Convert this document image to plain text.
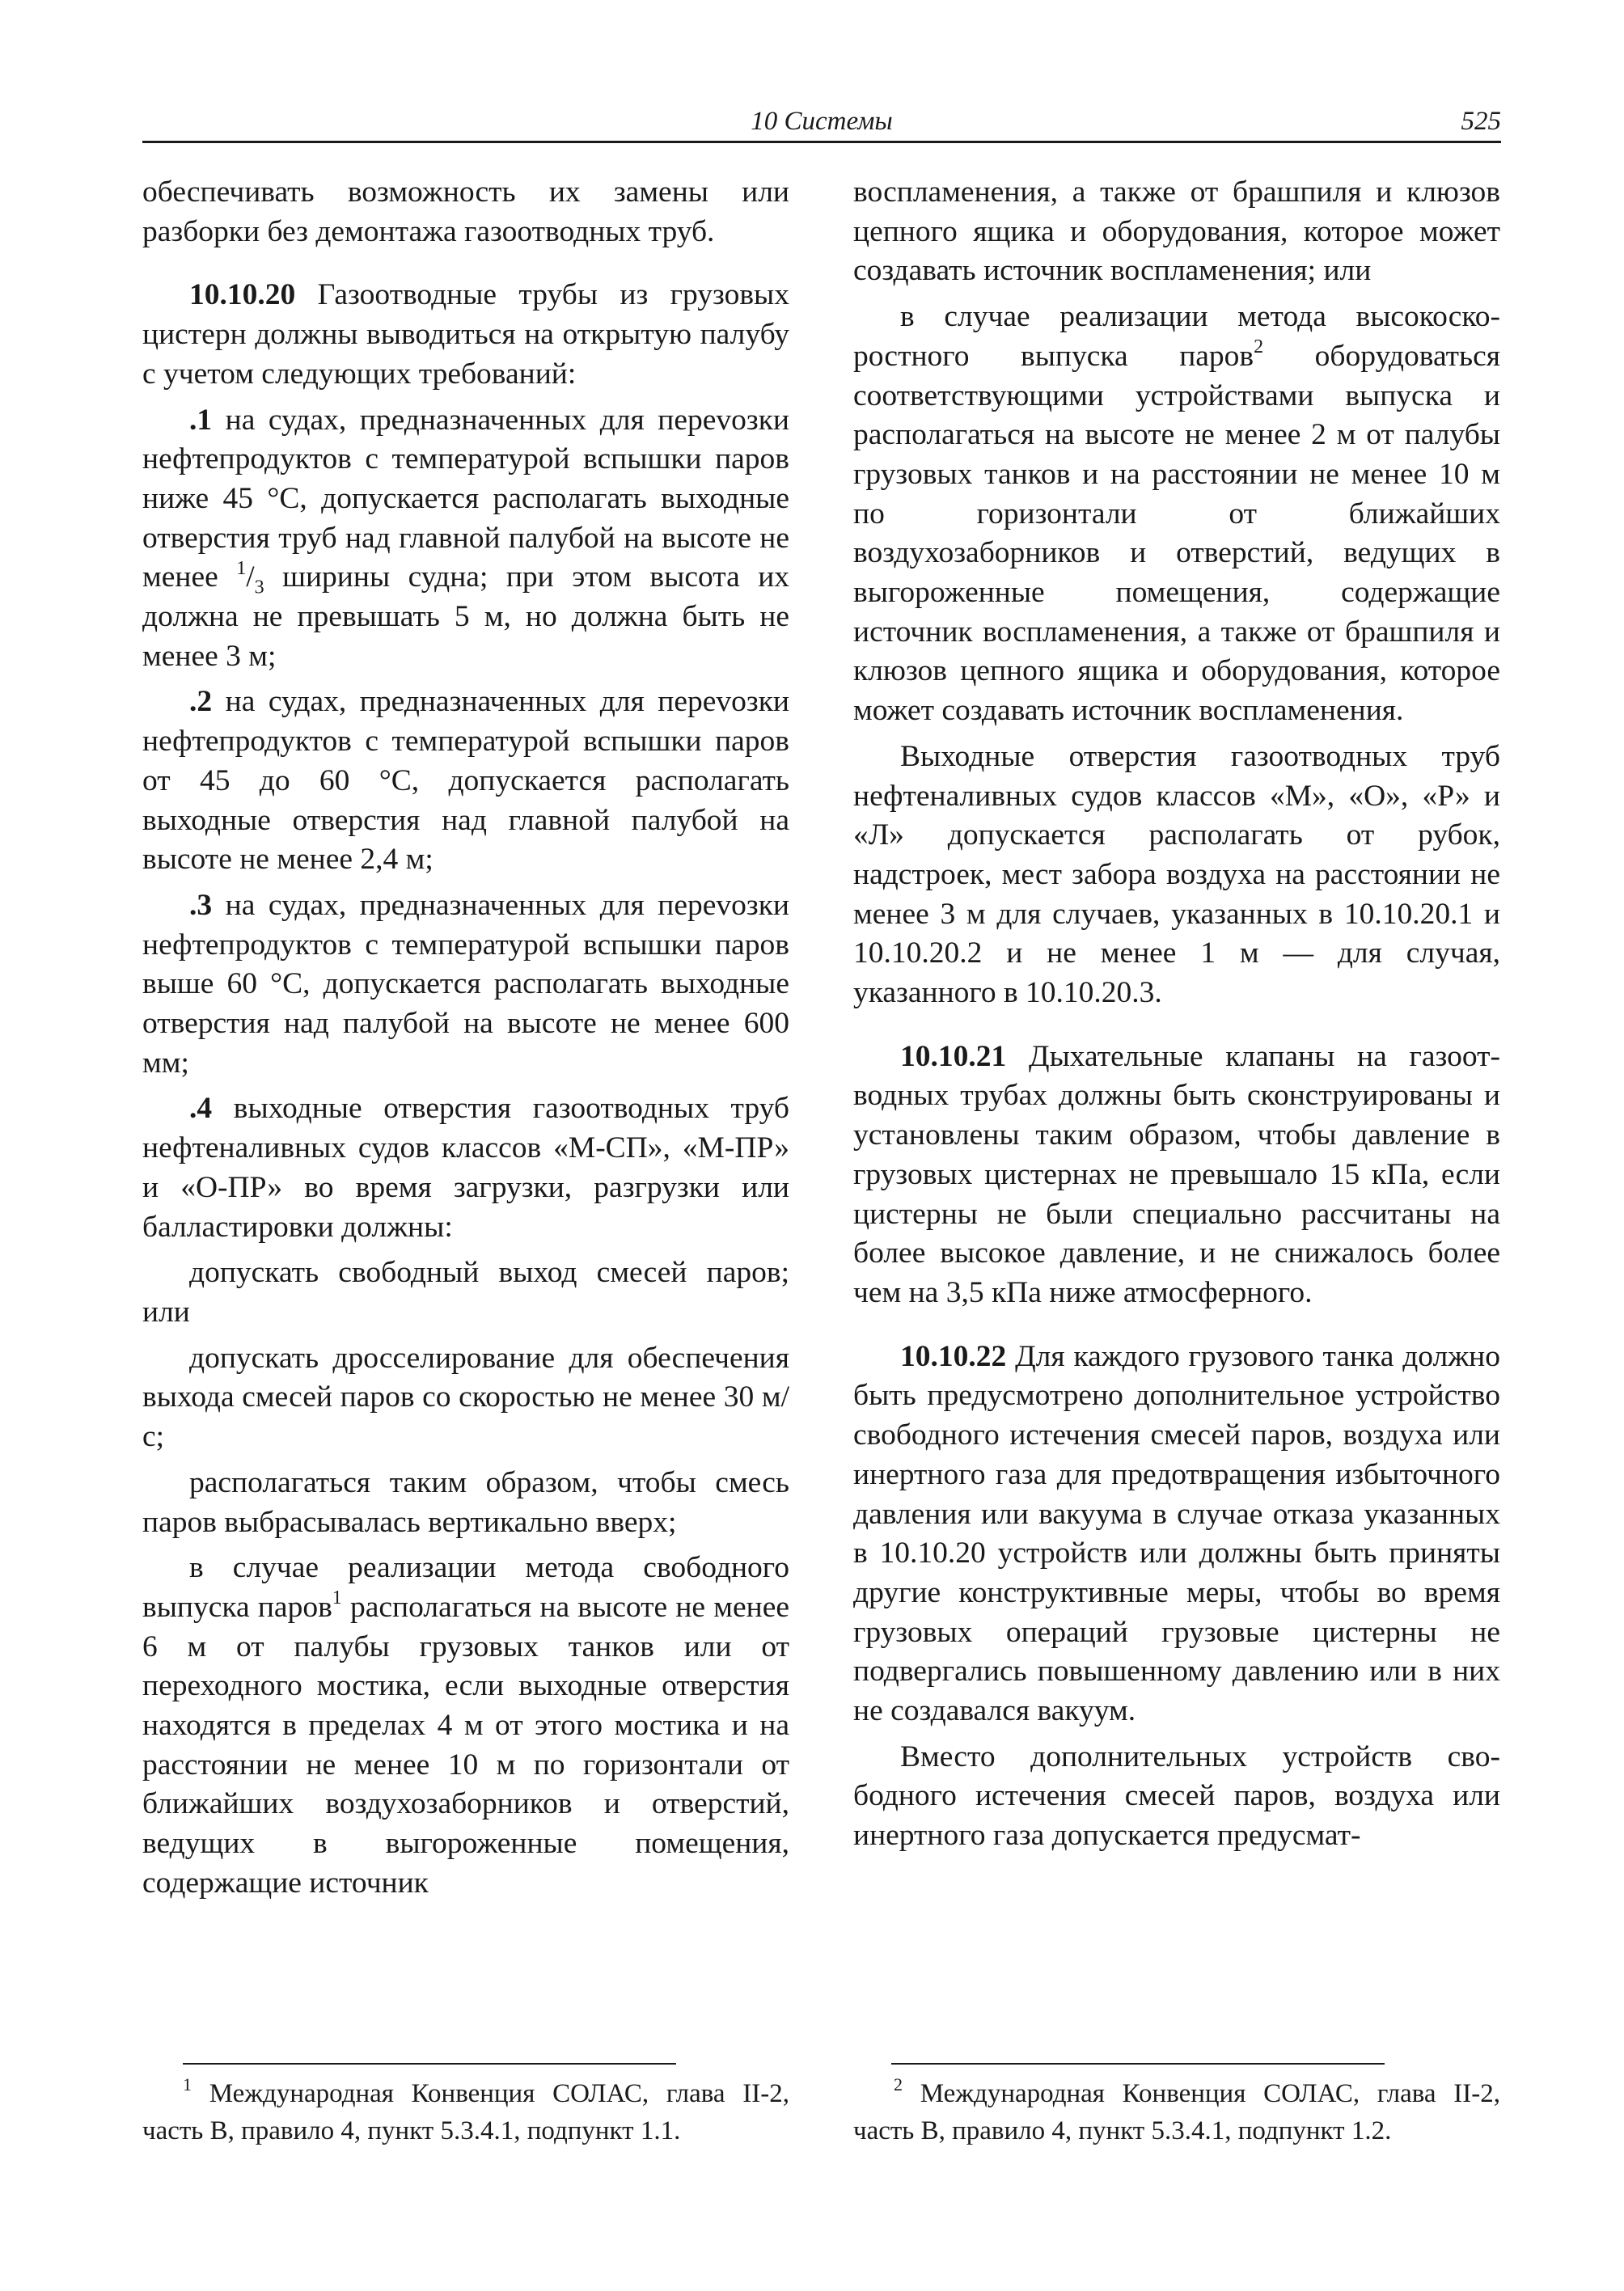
10 Системы	525

обеспечивать возможность их замены или разборки без демонтажа газоотводных труб.

10.10.20 Газоотводные трубы из грузовых цистерн должны выводиться на открытую палубу с учетом следующих требований:

.1 на судах, предназначенных для переvозки нефтепродуктов с температурой вспышки паров ниже 45 °С, допускается располагать выходные отверстия труб над главной палубой на высоте не менее $^1/_3$ ширины судна; при этом высота их должна не превышать 5 м, но должна быть не менее 3 м;

.2 на судах, предназначенных для переvозки нефтепродуктов с температурой вспышки паров от 45 до 60 °С, допускается располагать выходные отверстия над главной палубой на высоте не менее 2,4 м;

.3 на судах, предназначенных для переvозки нефтепродуктов с температурой вспышки паров выше 60 °С, допускается располагать выходные отверстия над палубой на высоте не менее 600 мм;

.4 выходные отверстия газоотводных труб нефтеналивных судов классов «М-СП», «М-ПР» и «О-ПР» во время загрузки, разгрузки или балластировки должны:

допускать свободный выход смесей паров; или

допускать дросселирование для обеспечения выхода смесей паров со скоростью не менее 30 м/с;

располагаться таким образом, чтобы смесь паров выбрасывалась вертикально вверх;

в случае реализации метода свободного выпуска паров$^1$ располагаться на высоте не менее 6 м от палубы грузовых танков или от переходного мостика, если выходные отверстия находятся в пределах 4 м от этого мостика и на расстоянии не менее 10 м по горизонтали от ближайших воздухозаборников и отверстий, ведущих в выгороженные помещения, содержащие источник

воспламенения, а также от брашпиля и клюзов цепного ящика и оборудования, которое может создавать источник воспламенения; или

в случае реализации метода высокоскоростного выпуска паров$^2$ оборудоваться соответствующими устройствами выпуска и располагаться на высоте не менее 2 м от палубы грузовых танков и на расстоянии не менее 10 м по горизонтали от ближайших воздухозаборников и отверстий, ведущих в выгороженные помещения, содержащие источник воспламенения, а также от брашпиля и клюзов цепного ящика и оборудования, которое может создавать источник воспламенения.

Выходные отверстия газоотводных труб нефтеналивных судов классов «М», «О», «Р» и «Л» допускается располагать от рубок, надстроек, мест забора воздуха на расстоянии не менее 3 м для случаев, указанных в 10.10.20.1 и 10.10.20.2 и не менее 1 м — для случая, указанного в 10.10.20.3.

10.10.21 Дыхательные клапаны на газоотводных трубах должны быть сконструированы и установлены таким образом, чтобы давление в грузовых цистернах не превышало 15 кПа, если цистерны не были специально рассчитаны на более высокое давление, и не снижалось более чем на 3,5 кПа ниже атмосферного.

10.10.22 Для каждого грузового танка должно быть предусмотрено дополнительное устройство свободного истечения смесей паров, воздуха или инертного газа для предотвращения избыточного давления или вакуума в случае отказа указанных в 10.10.20 устройств или должны быть приняты другие конструктивные меры, чтобы во время грузовых операций грузовые цистерны не подвергались повышенному давлению или в них не создавался вакуум.

Вместо дополнительных устройств свободного истечения смесей паров, воздуха или инертного газа допускается предусмат-

$^1$ Международная Конвенция СОЛАС, глава II-2, часть B, правило 4, пункт 5.3.4.1, подпункт 1.1.
$^2$ Международная Конвенция СОЛАС, глава II-2, часть B, правило 4, пункт 5.3.4.1, подпункт 1.2.
